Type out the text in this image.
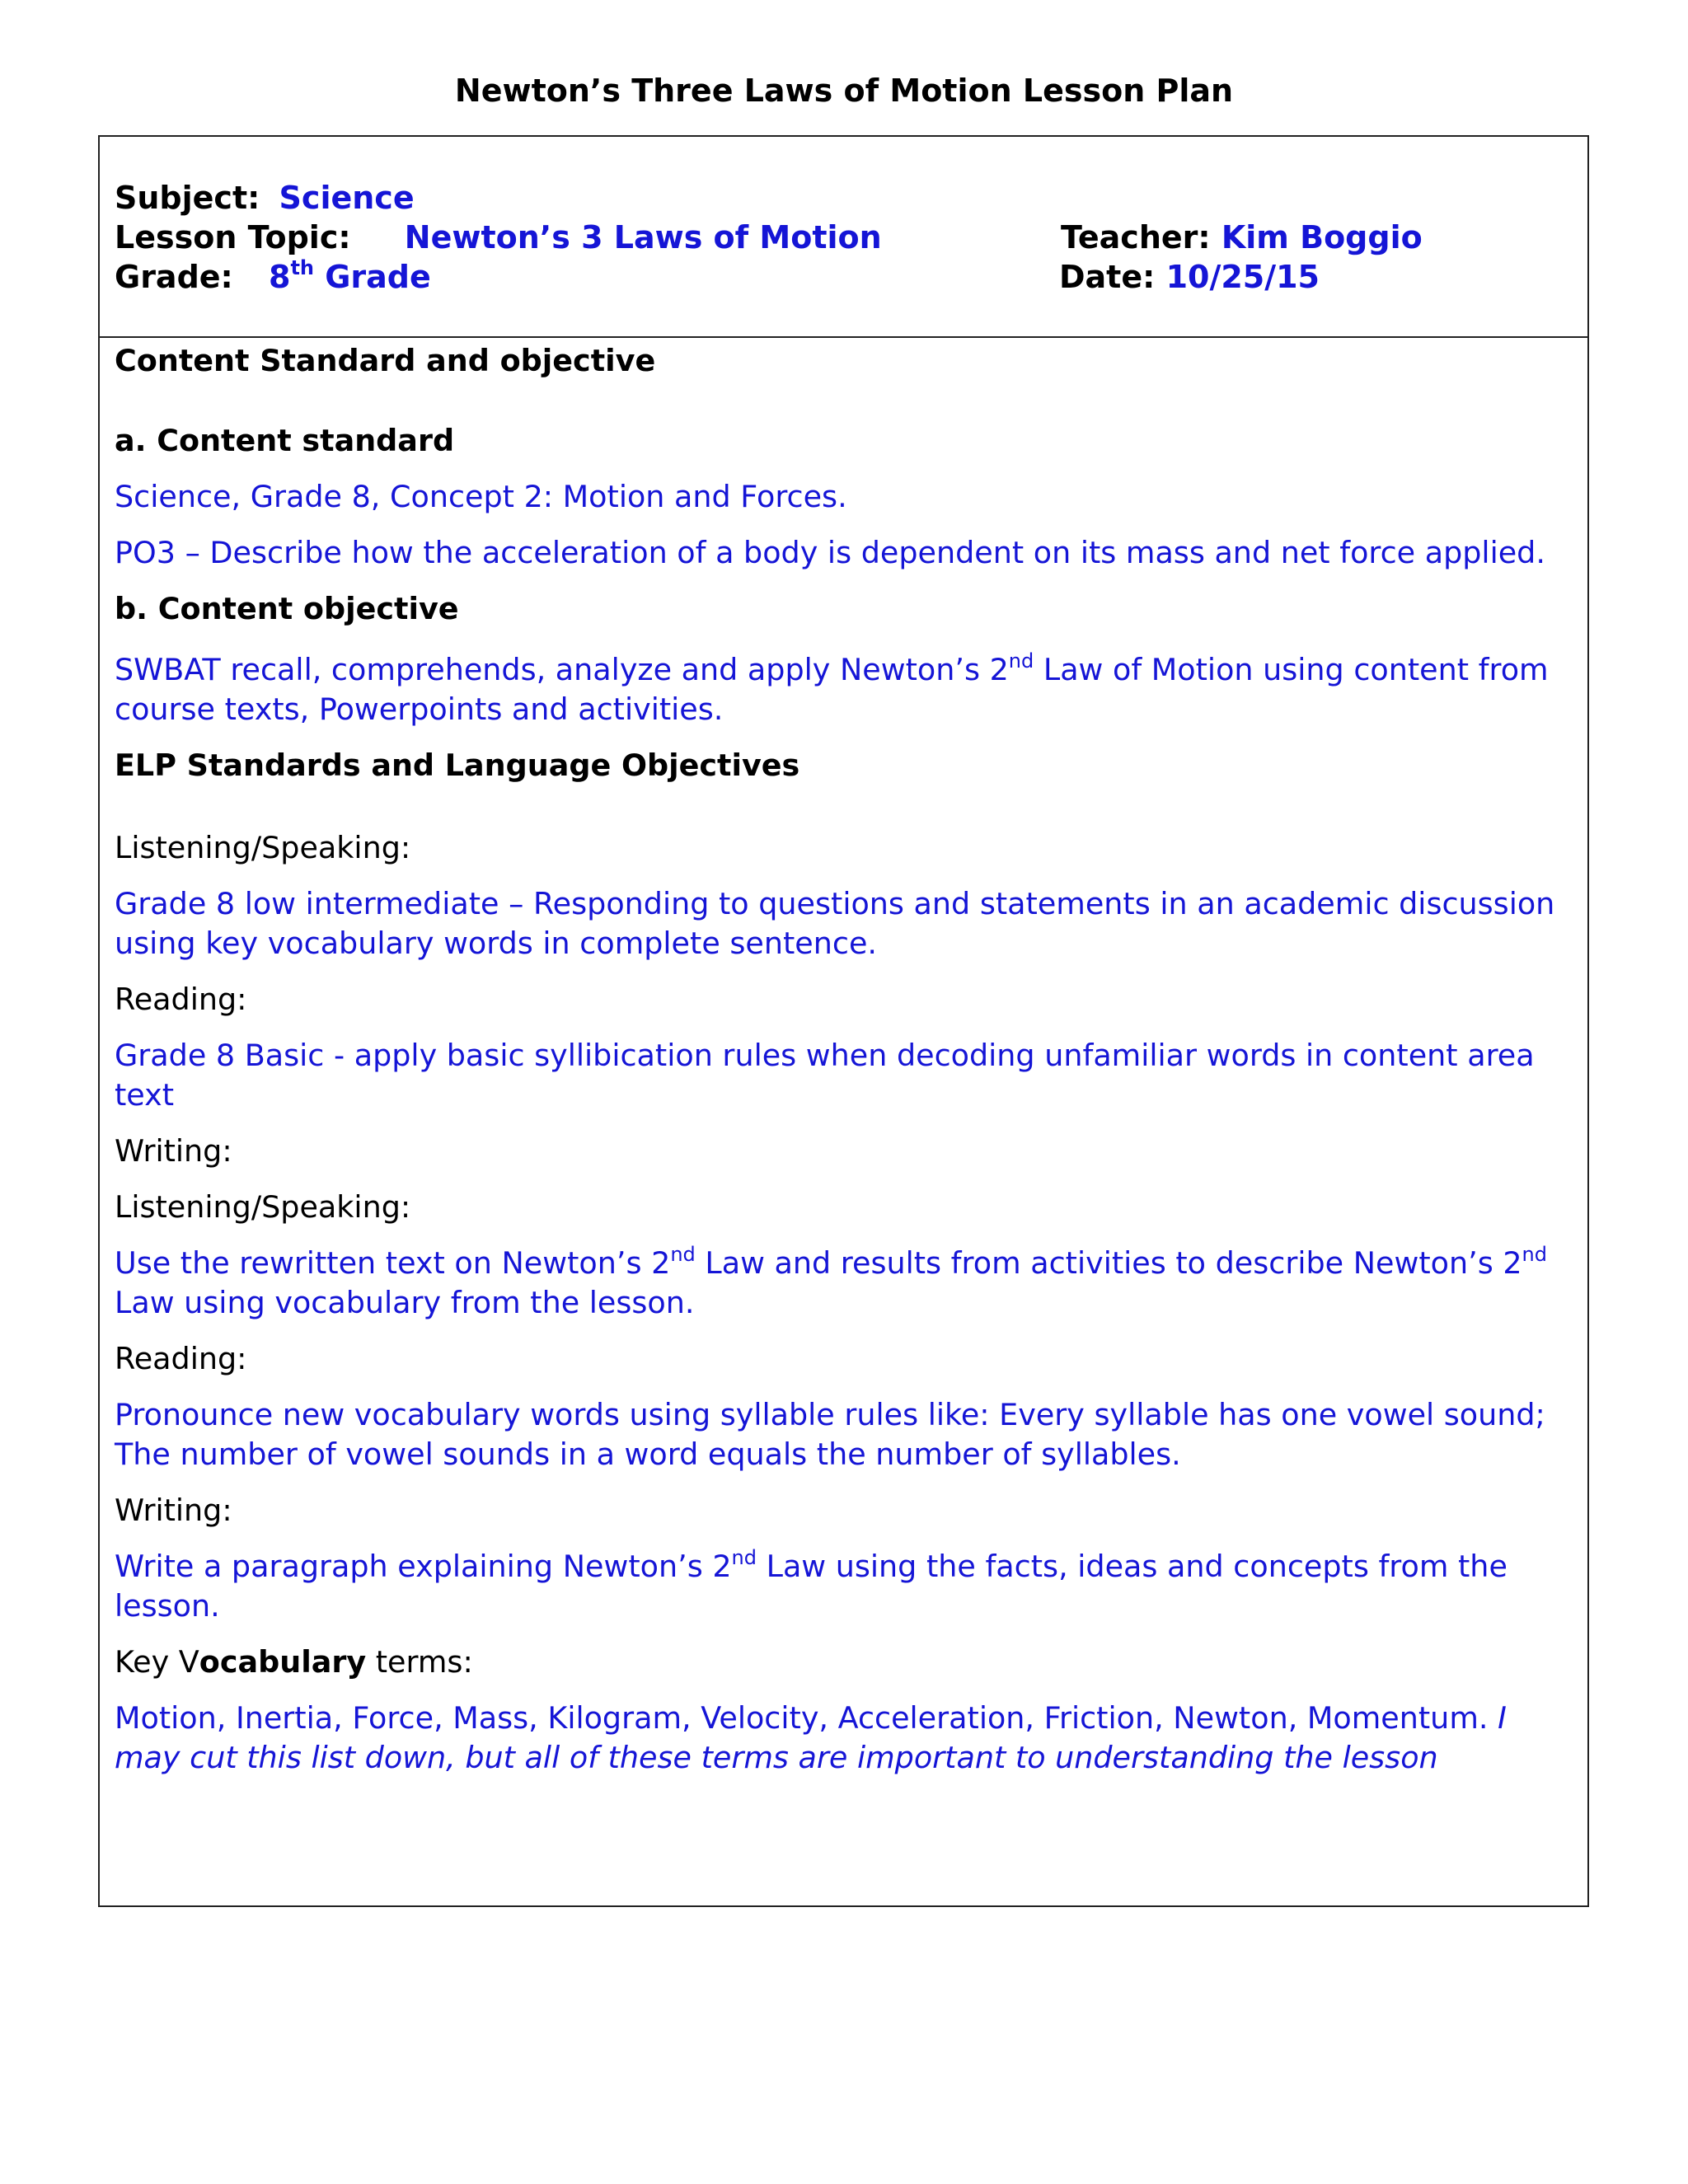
Newton’s Three Laws of Motion Lesson Plan
Subject: Science
Lesson Topic: Newton’s 3 Laws of Motion
Grade: 8th Grade
Teacher: Kim Boggio
Date: 10/25/15

Content Standard and objective

a. Content standard

Science, Grade 8, Concept 2: Motion and Forces.

PO3 – Describe how the acceleration of a body is dependent on its mass and net force applied.

b. Content objective

SWBAT recall, comprehends, analyze and apply Newton’s 2nd Law of Motion using content from course texts, Powerpoints and activities.

ELP Standards and Language Objectives

Listening/Speaking:

Grade 8 low intermediate – Responding to questions and statements in an academic discussion using key vocabulary words in complete sentence.

Reading:

Grade 8 Basic - apply basic syllibication rules when decoding unfamiliar words in content area text

Writing:

Listening/Speaking:

Use the rewritten text on Newton’s 2nd Law and results from activities to describe Newton’s 2nd Law using vocabulary from the lesson.

Reading:

Pronounce new vocabulary words using syllable rules like: Every syllable has one vowel sound; The number of vowel sounds in a word equals the number of syllables.

Writing:

Write a paragraph explaining Newton’s 2nd Law using the facts, ideas and concepts from the lesson.

Key Vocabulary terms:

Motion, Inertia, Force, Mass, Kilogram, Velocity, Acceleration, Friction, Newton, Momentum. I may cut this list down, but all of these terms are important to understanding the lesson
